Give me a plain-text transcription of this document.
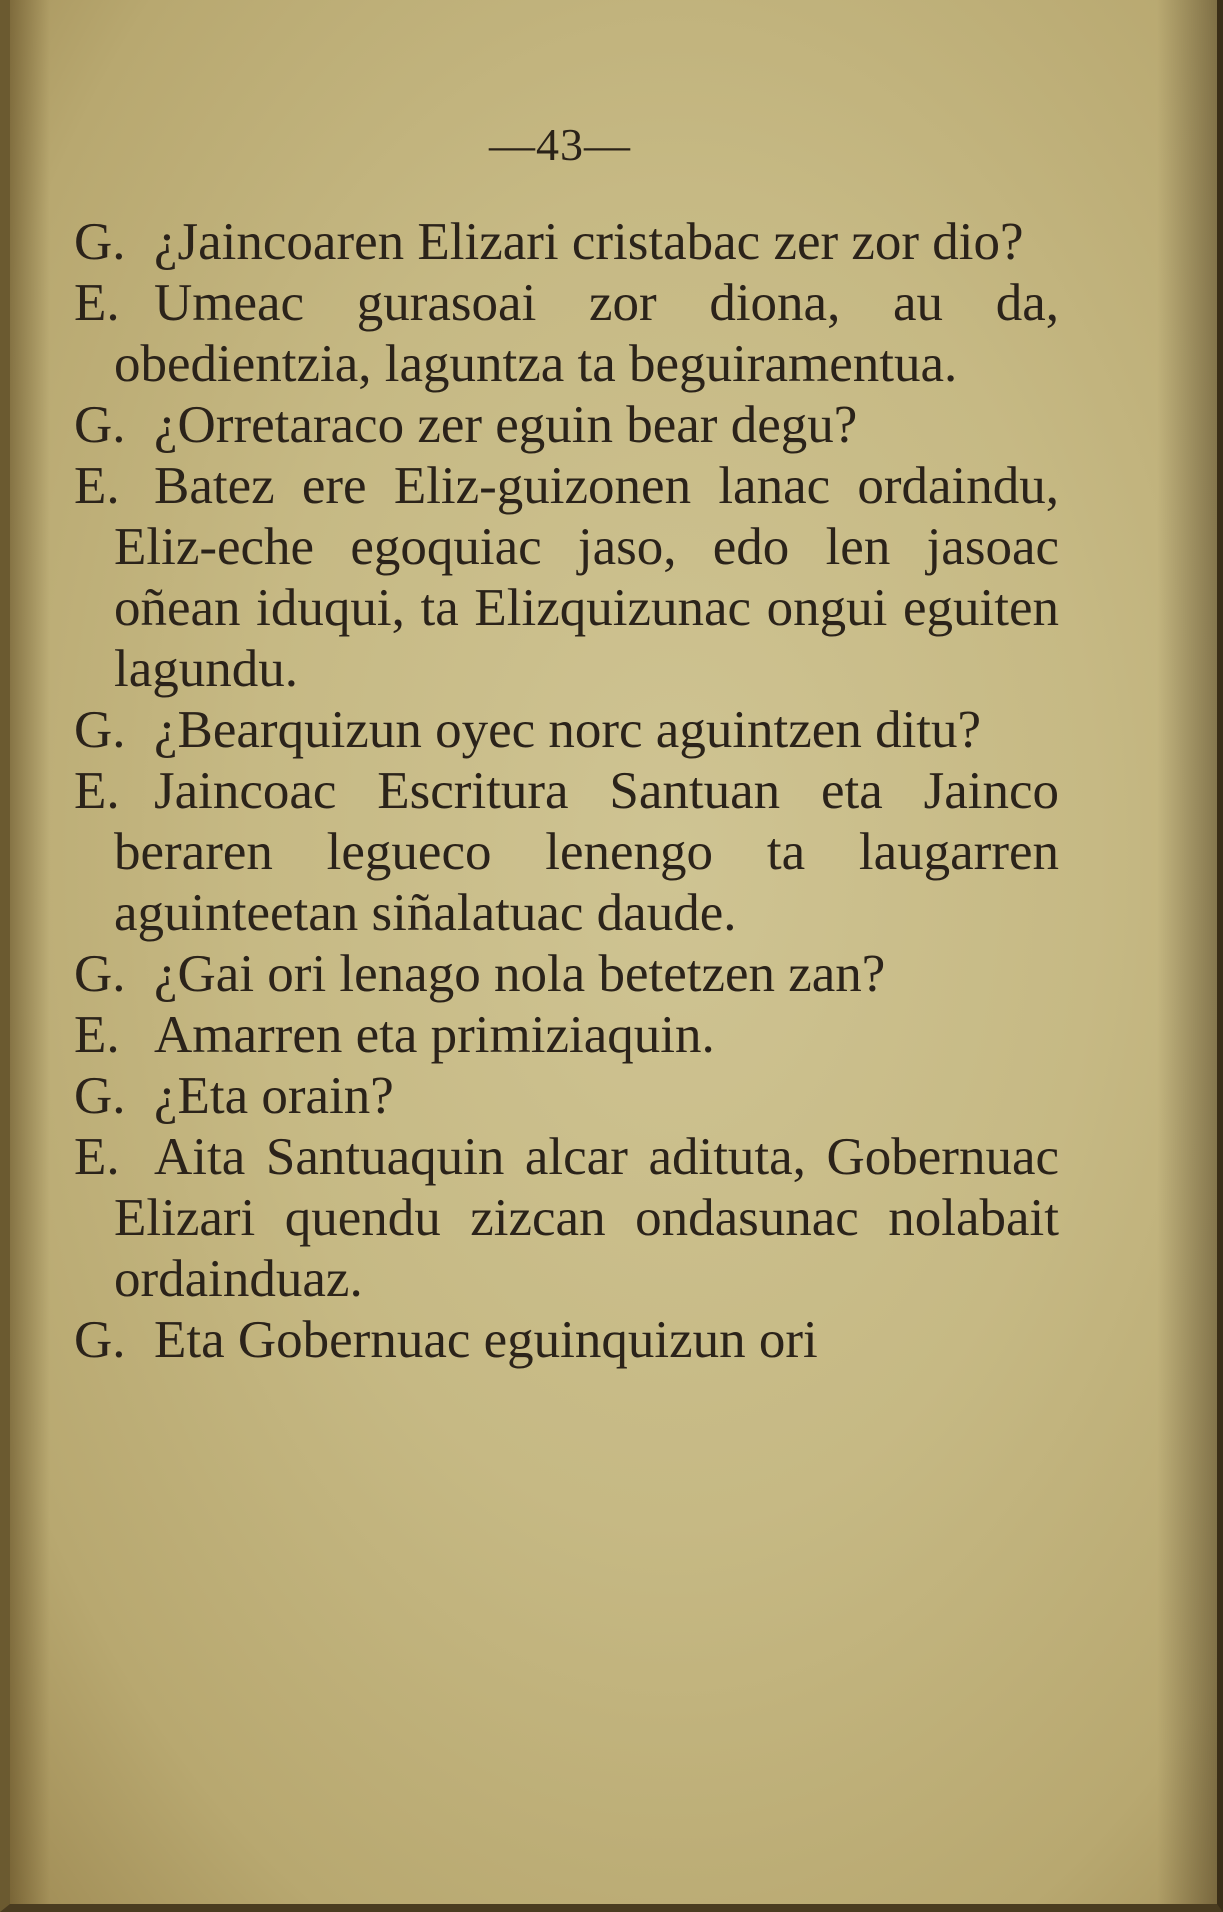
—43—
G. ¿Jaincoaren Elizari cristabac zer zor dio?
E. Umeac gurasoai zor diona, au da, obedientzia, laguntza ta beguiramentua.
G. ¿Orretaraco zer eguin bear degu?
E. Batez ere Eliz-guizonen lanac ordaindu, Eliz-eche egoquiac jaso, edo len jasoac oñean iduqui, ta Elizquizunac ongui eguiten lagundu.
G. ¿Bearquizun oyec norc aguintzen ditu?
E. Jaincoac Escritura Santuan eta Jainco beraren legueco lenengo ta laugarren aguinteetan siñalatuac daude.
G. ¿Gai ori lenago nola betetzen zan?
E. Amarren eta primiziaquin.
G. ¿Eta orain?
E. Aita Santuaquin alcar adituta, Gobernuac Elizari quendu zizcan ondasunac nolabait ordainduaz.
G. Eta Gobernuac eguinquizun ori
